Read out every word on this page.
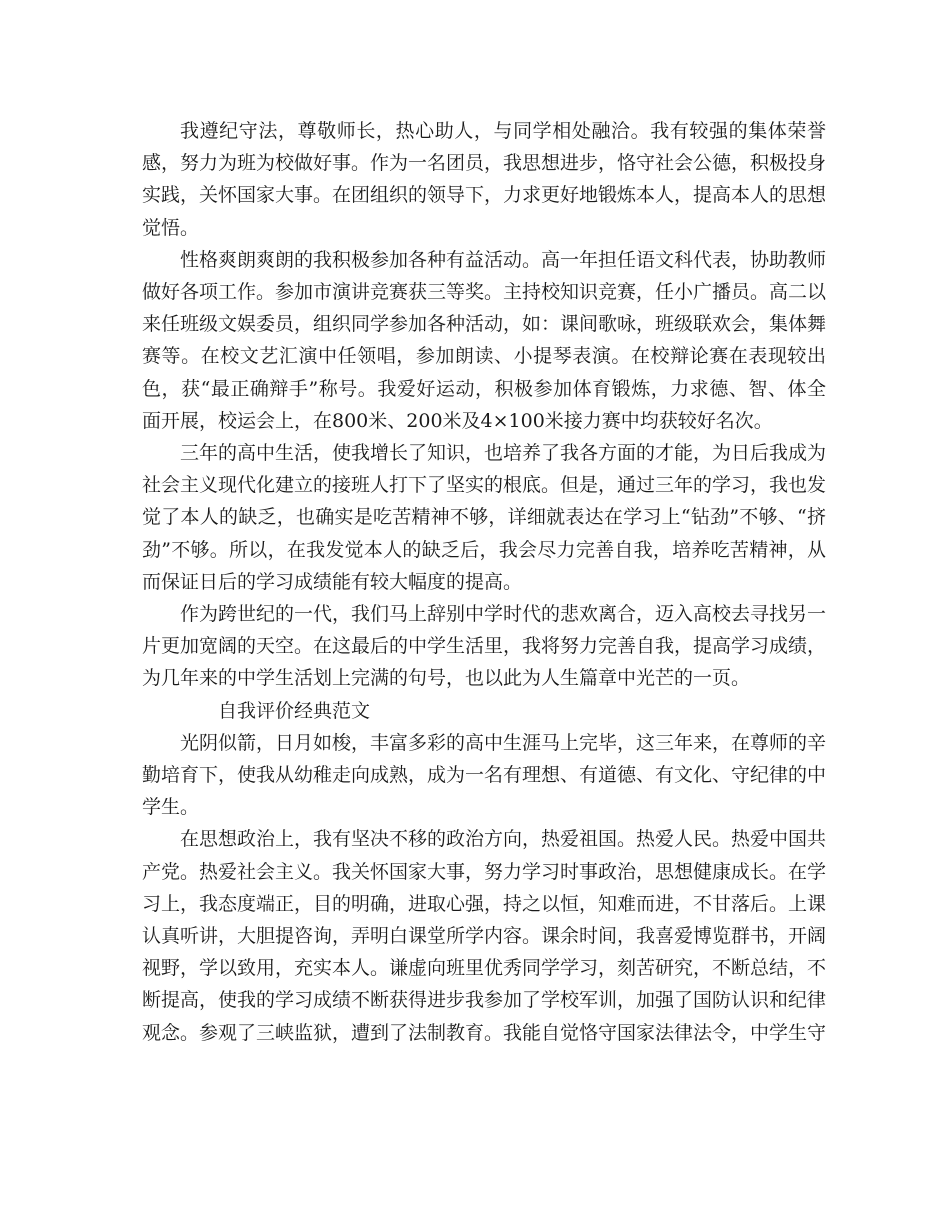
我遵纪守法，尊敬师长，热心助人，与同学相处融洽。我有较强的集体荣誉感，努力为班为校做好事。作为一名团员，我思想进步，恪守社会公德，积极投身实践，关怀国家大事。在团组织的领导下，力求更好地锻炼本人，提高本人的思想觉悟。

性格爽朗爽朗的我积极参加各种有益活动。高一年担任语文科代表，协助教师做好各项工作。参加市演讲竞赛获三等奖。主持校知识竞赛，任小广播员。高二以来任班级文娱委员，组织同学参加各种活动，如：课间歌咏，班级联欢会，集体舞赛等。在校文艺汇演中任领唱，参加朗读、小提琴表演。在校辩论赛在表现较出色，获“最正确辩手”称号。我爱好运动，积极参加体育锻炼，力求德、智、体全面开展，校运会上，在800米、200米及4×100米接力赛中均获较好名次。

三年的高中生活，使我增长了知识，也培养了我各方面的才能，为日后我成为社会主义现代化建立的接班人打下了坚实的根底。但是，通过三年的学习，我也发觉了本人的缺乏，也确实是吃苦精神不够，详细就表达在学习上“钻劲”不够、“挤劲”不够。所以，在我发觉本人的缺乏后，我会尽力完善自我，培养吃苦精神，从而保证日后的学习成绩能有较大幅度的提高。

作为跨世纪的一代，我们马上辞别中学时代的悲欢离合，迈入高校去寻找另一片更加宽阔的天空。在这最后的中学生活里，我将努力完善自我，提高学习成绩，为几年来的中学生活划上完满的句号，也以此为人生篇章中光芒的一页。

自我评价经典范文

光阴似箭，日月如梭，丰富多彩的高中生涯马上完毕，这三年来，在尊师的辛勤培育下，使我从幼稚走向成熟，成为一名有理想、有道德、有文化、守纪律的中学生。

在思想政治上，我有坚决不移的政治方向，热爱祖国。热爱人民。热爱中国共产党。热爱社会主义。我关怀国家大事，努力学习时事政治，思想健康成长。在学习上，我态度端正，目的明确，进取心强，持之以恒，知难而进，不甘落后。上课认真听讲，大胆提咨询，弄明白课堂所学内容。课余时间，我喜爱博览群书，开阔视野，学以致用，充实本人。谦虚向班里优秀同学学习，刻苦研究，不断总结，不断提高，使我的学习成绩不断获得进步我参加了学校军训，加强了国防认识和纪律观念。参观了三峡监狱，遭到了法制教育。我能自觉恪守国家法律法令，中学生守
